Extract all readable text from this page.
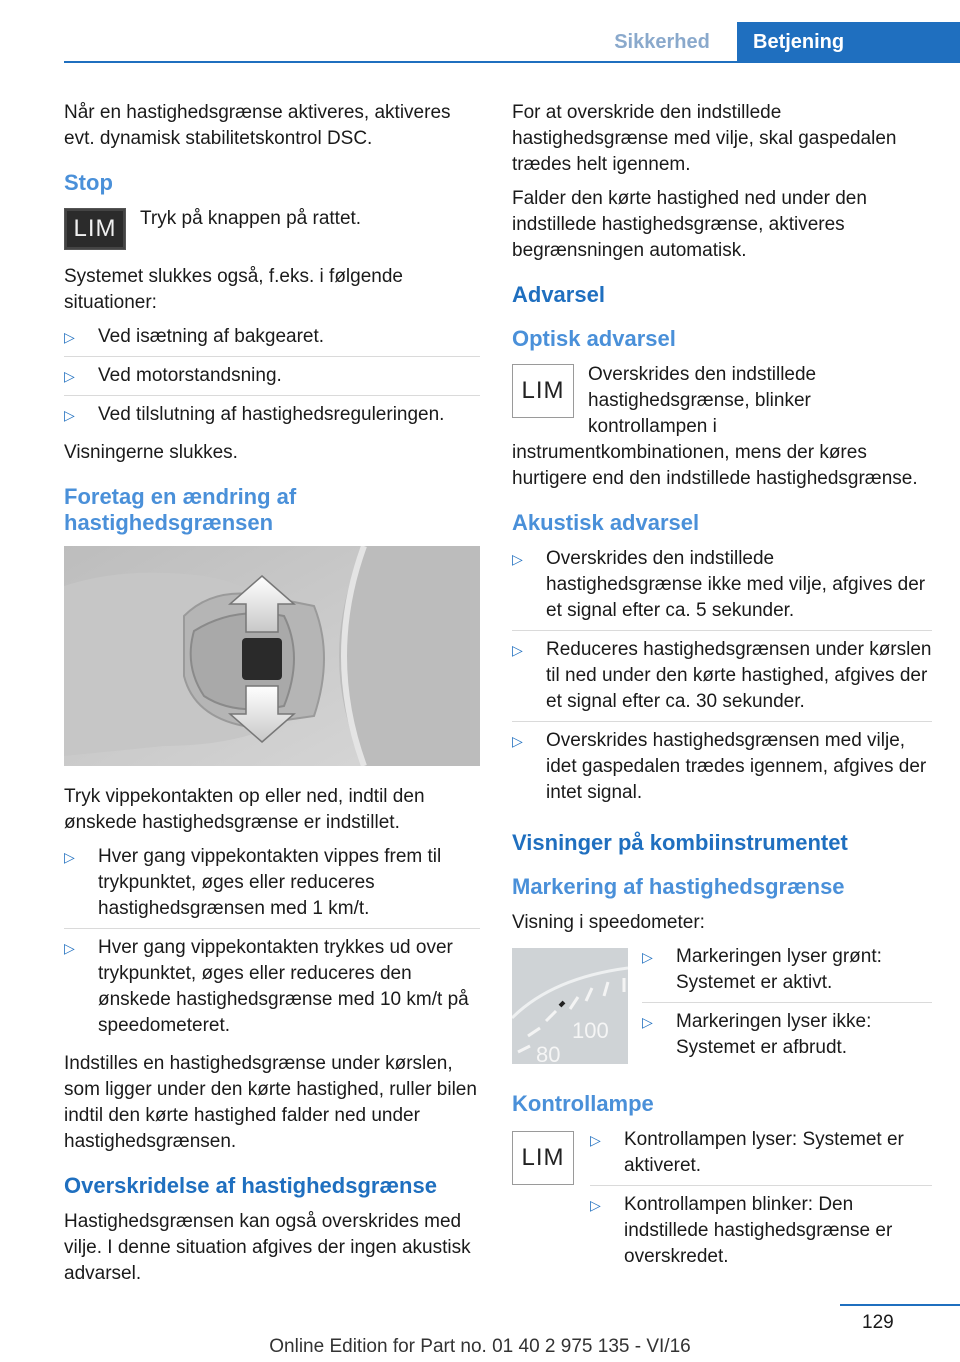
Sikkerhed	Betjening

Når en hastighedsgrænse aktiveres, aktiveres evt. dynamisk stabilitetskontrol DSC.

Stop
LIM	Tryk på knappen på rattet.

Systemet slukkes også, f.eks. i følgende situationer:

▷ Ved isætning af bakgearet.
▷ Ved motorstandsning.
▷ Ved tilslutning af hastighedsreguleringen.

Visningerne slukkes.

Foretag en ændring af hastighedsgrænsen

Tryk vippekontakten op eller ned, indtil den ønskede hastighedsgrænse er indstillet.

▷ Hver gang vippekontakten vippes frem til trykpunktet, øges eller reduceres hastighedsgrænsen med 1 km/t.
▷ Hver gang vippekontakten trykkes ud over trykpunktet, øges eller reduceres den ønskede hastighedsgrænse med 10 km/t på speedometeret.

Indstilles en hastighedsgrænse under kørslen, som ligger under den kørte hastighed, ruller bilen indtil den kørte hastighed falder ned under hastighedsgrænsen.

Overskridelse af hastighedsgrænse

Hastighedsgrænsen kan også overskrides med vilje. I denne situation afgives der ingen akustisk advarsel.

For at overskride den indstillede hastighedsgrænse med vilje, skal gaspedalen trædes helt igennem.

Falder den kørte hastighed ned under den indstillede hastighedsgrænse, aktiveres begrænsningen automatisk.

Advarsel
Optisk advarsel
LIM
Overskrides den indstillede hastighedsgrænse, blinker kontrollampen i instrumentkombinationen, mens der køres hurtigere end den indstillede hastighedsgrænse.
Akustisk advarsel
▷ Overskrides den indstillede hastighedsgrænse ikke med vilje, afgives der et signal efter ca. 5 sekunder.
▷ Reduceres hastighedsgrænsen under kørslen til ned under den kørte hastighed, afgives der et signal efter ca. 30 sekunder.
▷ Overskrides hastighedsgrænsen med vilje, idet gaspedalen trædes igennem, afgives der intet signal.
Visninger på kombiinstrumentet
Markering af hastighedsgrænse

Visning i speedometer:

100
80
▷ Markeringen lyser grønt: Systemet er aktivt.
▷ Markeringen lyser ikke: Systemet er afbrudt.
Kontrollampe
LIM
▷ Kontrollampen lyser: Systemet er aktiveret.
▷ Kontrollampen blinker: Den indstillede hastighedsgrænse er overskredet.
129
Online Edition for Part no. 01 40 2 975 135 - VI/16
